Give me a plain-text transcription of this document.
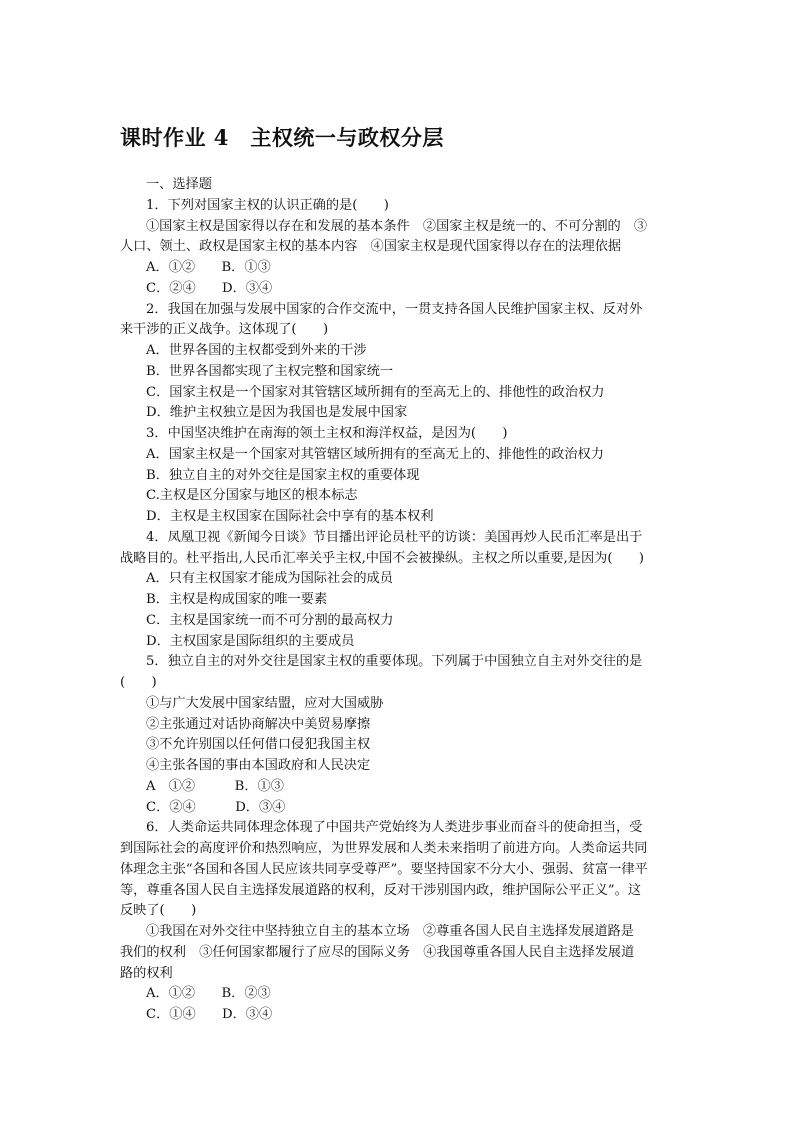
课时作业 4　主权统一与政权分层
一、选择题
1．下列对国家主权的认识正确的是(　　)
①国家主权是国家得以存在和发展的基本条件　②国家主权是统一的、不可分割的　③
人口、领土、政权是国家主权的基本内容　④国家主权是现代国家得以存在的法理依据
A．①②　　B．①③
C．②④　　D．③④
2．我国在加强与发展中国家的合作交流中，一贯支持各国人民维护国家主权、反对外
来干涉的正义战争。这体现了(　　)
A．世界各国的主权都受到外来的干涉
B．世界各国都实现了主权完整和国家统一
C．国家主权是一个国家对其管辖区域所拥有的至高无上的、排他性的政治权力
D．维护主权独立是因为我国也是发展中国家
3．中国坚决维护在南海的领土主权和海洋权益，是因为(　　)
A．国家主权是一个国家对其管辖区域所拥有的至高无上的、排他性的政治权力
B．独立自主的对外交往是国家主权的重要体现
C.主权是区分国家与地区的根本标志
D．主权是主权国家在国际社会中享有的基本权利
4．凤凰卫视《新闻今日谈》节目播出评论员杜平的访谈：美国再炒人民币汇率是出于
战略目的。杜平指出,人民币汇率关乎主权,中国不会被操纵。主权之所以重要,是因为(　　)
A．只有主权国家才能成为国际社会的成员
B．主权是构成国家的唯一要素
C．主权是国家统一而不可分割的最高权力
D．主权国家是国际组织的主要成员
5．独立自主的对外交往是国家主权的重要体现。下列属于中国独立自主对外交往的是
(　　)
①与广大发展中国家结盟，应对大国威胁
②主张通过对话协商解决中美贸易摩擦
③不允许别国以任何借口侵犯我国主权
④主张各国的事由本国政府和人民决定
A　①②　　　B．①③
C．②④　　　D．③④
6．人类命运共同体理念体现了中国共产党始终为人类进步事业而奋斗的使命担当，受
到国际社会的高度评价和热烈响应，为世界发展和人类未来指明了前进方向。人类命运共同
体理念主张“各国和各国人民应该共同享受尊严”。要坚持国家不分大小、强弱、贫富一律平
等，尊重各国人民自主选择发展道路的权利，反对干涉别国内政，维护国际公平正义”。这
反映了(　　)
①我国在对外交往中坚持独立自主的基本立场　②尊重各国人民自主选择发展道路是
我们的权利　③任何国家都履行了应尽的国际义务　④我国尊重各国人民自主选择发展道
路的权利
A．①②　　B．②③
C．①④　　D．③④
